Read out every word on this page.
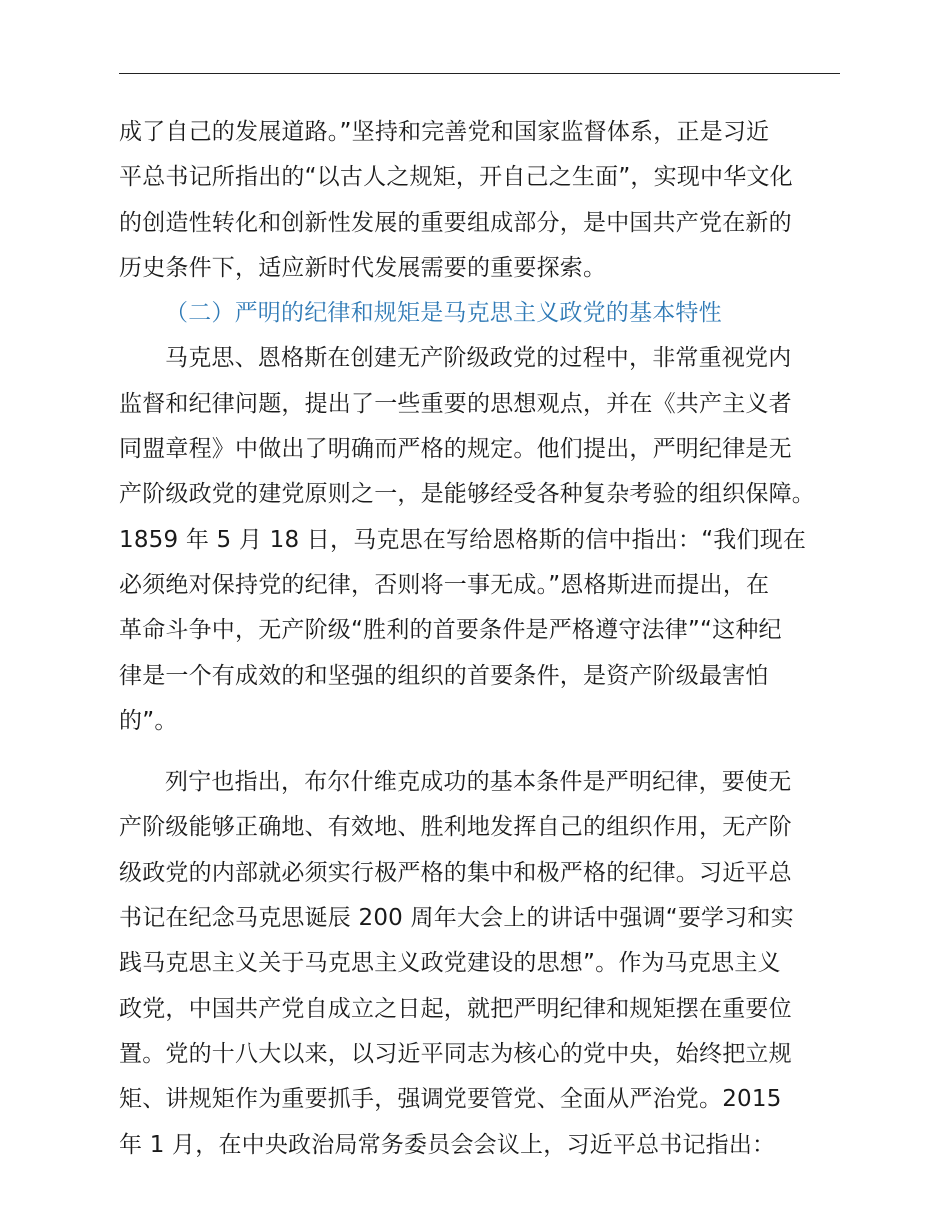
成了自己的发展道路。”坚持和完善党和国家监督体系，正是习近
平总书记所指出的“以古人之规矩，开自己之生面”，实现中华文化
的创造性转化和创新性发展的重要组成部分，是中国共产党在新的
历史条件下，适应新时代发展需要的重要探索。
（二）严明的纪律和规矩是马克思主义政党的基本特性
马克思、恩格斯在创建无产阶级政党的过程中，非常重视党内
监督和纪律问题，提出了一些重要的思想观点，并在《共产主义者
同盟章程》中做出了明确而严格的规定。他们提出，严明纪律是无
产阶级政党的建党原则之一，是能够经受各种复杂考验的组织保障。
1859 年 5 月 18 日，马克思在写给恩格斯的信中指出：“我们现在
必须绝对保持党的纪律，否则将一事无成。”恩格斯进而提出，在
革命斗争中，无产阶级“胜利的首要条件是严格遵守法律”“这种纪
律是一个有成效的和坚强的组织的首要条件，是资产阶级最害怕
的”。
列宁也指出，布尔什维克成功的基本条件是严明纪律，要使无
产阶级能够正确地、有效地、胜利地发挥自己的组织作用，无产阶
级政党的内部就必须实行极严格的集中和极严格的纪律。习近平总
书记在纪念马克思诞辰 200 周年大会上的讲话中强调“要学习和实
践马克思主义关于马克思主义政党建设的思想”。作为马克思主义
政党，中国共产党自成立之日起，就把严明纪律和规矩摆在重要位
置。党的十八大以来，以习近平同志为核心的党中央，始终把立规
矩、讲规矩作为重要抓手，强调党要管党、全面从严治党。2015
年 1 月，在中央政治局常务委员会会议上，习近平总书记指出：
